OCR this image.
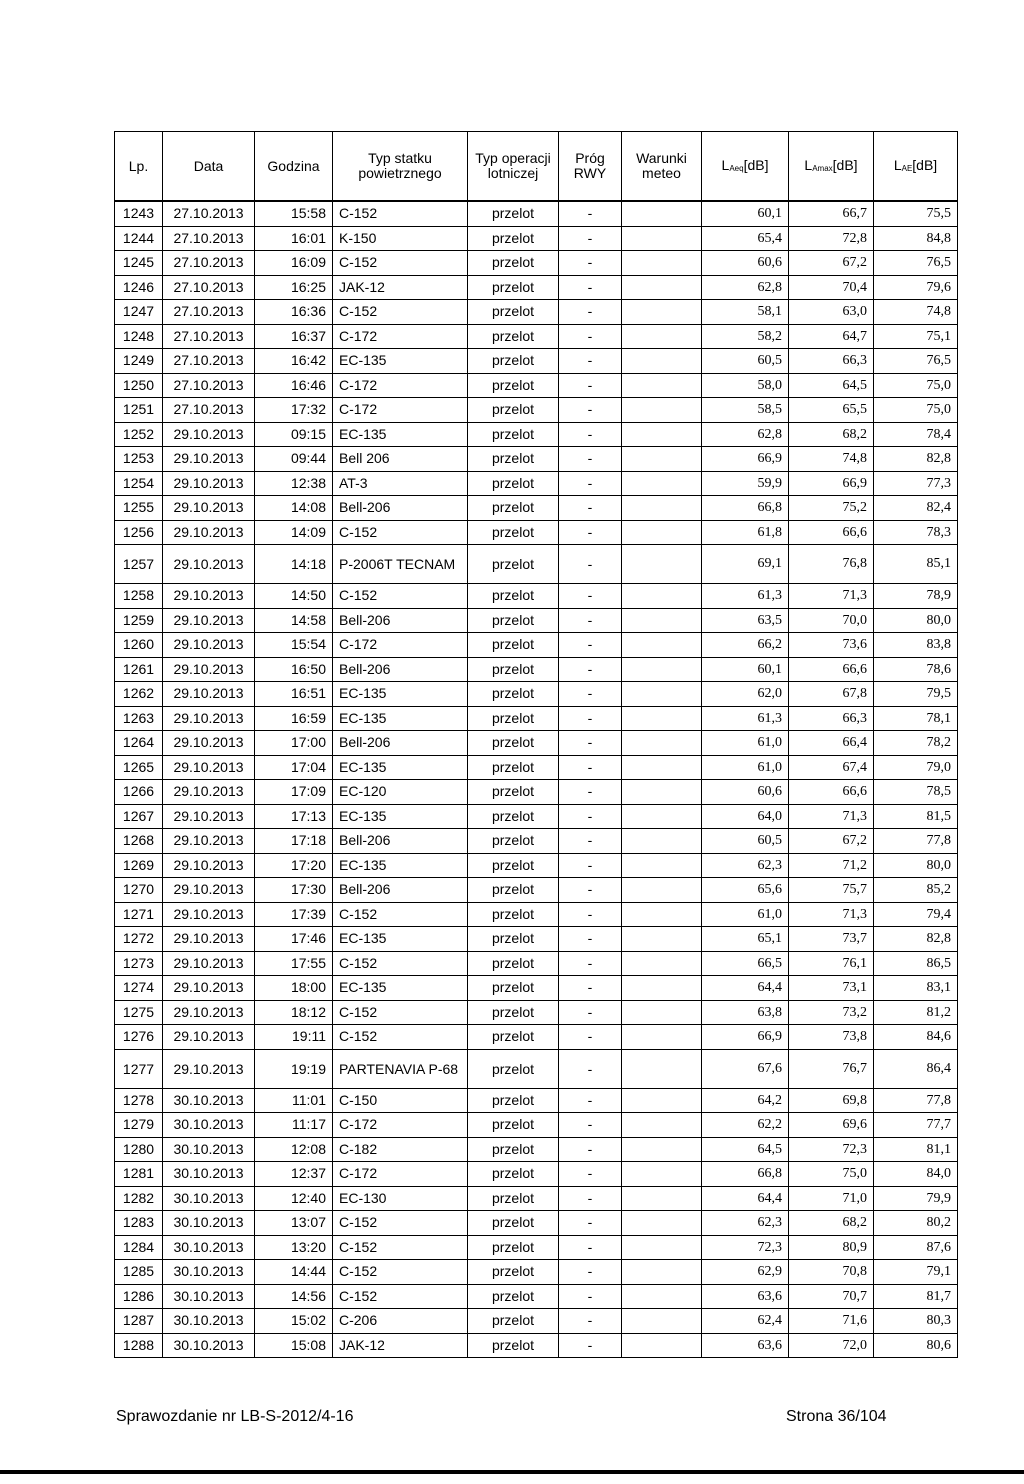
Lp.	Data	Godzina	Typ statku powietrznego	Typ operacji lotniczej	Próg RWY	Warunki meteo	$L_{Aeq}[dB]$	$L_{Amax}[dB]$	$L_{AE}[dB]$
1243	27.10.2013	15:58	C-152	przelot	-		60,1	66,7	75,5
1244	27.10.2013	16:01	K-150	przelot	-		65,4	72,8	84,8
1245	27.10.2013	16:09	C-152	przelot	-		60,6	67,2	76,5
1246	27.10.2013	16:25	JAK-12	przelot	-		62,8	70,4	79,6
1247	27.10.2013	16:36	C-152	przelot	-		58,1	63,0	74,8
1248	27.10.2013	16:37	C-172	przelot	-		58,2	64,7	75,1
1249	27.10.2013	16:42	EC-135	przelot	-		60,5	66,3	76,5
1250	27.10.2013	16:46	C-172	przelot	-		58,0	64,5	75,0
1251	27.10.2013	17:32	C-172	przelot	-		58,5	65,5	75,0
1252	29.10.2013	09:15	EC-135	przelot	-		62,8	68,2	78,4
1253	29.10.2013	09:44	Bell 206	przelot	-		66,9	74,8	82,8
1254	29.10.2013	12:38	AT-3	przelot	-		59,9	66,9	77,3
1255	29.10.2013	14:08	Bell-206	przelot	-		66,8	75,2	82,4
1256	29.10.2013	14:09	C-152	przelot	-		61,8	66,6	78,3
1257	29.10.2013	14:18	P-2006T TECNAM	przelot	-		69,1	76,8	85,1
1258	29.10.2013	14:50	C-152	przelot	-		61,3	71,3	78,9
1259	29.10.2013	14:58	Bell-206	przelot	-		63,5	70,0	80,0
1260	29.10.2013	15:54	C-172	przelot	-		66,2	73,6	83,8
1261	29.10.2013	16:50	Bell-206	przelot	-		60,1	66,6	78,6
1262	29.10.2013	16:51	EC-135	przelot	-		62,0	67,8	79,5
1263	29.10.2013	16:59	EC-135	przelot	-		61,3	66,3	78,1
1264	29.10.2013	17:00	Bell-206	przelot	-		61,0	66,4	78,2
1265	29.10.2013	17:04	EC-135	przelot	-		61,0	67,4	79,0
1266	29.10.2013	17:09	EC-120	przelot	-		60,6	66,6	78,5
1267	29.10.2013	17:13	EC-135	przelot	-		64,0	71,3	81,5
1268	29.10.2013	17:18	Bell-206	przelot	-		60,5	67,2	77,8
1269	29.10.2013	17:20	EC-135	przelot	-		62,3	71,2	80,0
1270	29.10.2013	17:30	Bell-206	przelot	-		65,6	75,7	85,2
1271	29.10.2013	17:39	C-152	przelot	-		61,0	71,3	79,4
1272	29.10.2013	17:46	EC-135	przelot	-		65,1	73,7	82,8
1273	29.10.2013	17:55	C-152	przelot	-		66,5	76,1	86,5
1274	29.10.2013	18:00	EC-135	przelot	-		64,4	73,1	83,1
1275	29.10.2013	18:12	C-152	przelot	-		63,8	73,2	81,2
1276	29.10.2013	19:11	C-152	przelot	-		66,9	73,8	84,6
1277	29.10.2013	19:19	PARTENAVIA P-68	przelot	-		67,6	76,7	86,4
1278	30.10.2013	11:01	C-150	przelot	-		64,2	69,8	77,8
1279	30.10.2013	11:17	C-172	przelot	-		62,2	69,6	77,7
1280	30.10.2013	12:08	C-182	przelot	-		64,5	72,3	81,1
1281	30.10.2013	12:37	C-172	przelot	-		66,8	75,0	84,0
1282	30.10.2013	12:40	EC-130	przelot	-		64,4	71,0	79,9
1283	30.10.2013	13:07	C-152	przelot	-		62,3	68,2	80,2
1284	30.10.2013	13:20	C-152	przelot	-		72,3	80,9	87,6
1285	30.10.2013	14:44	C-152	przelot	-		62,9	70,8	79,1
1286	30.10.2013	14:56	C-152	przelot	-		63,6	70,7	81,7
1287	30.10.2013	15:02	C-206	przelot	-		62,4	71,6	80,3
1288	30.10.2013	15:08	JAK-12	przelot	-		63,6	72,0	80,6
Sprawozdanie nr LB-S-2012/4-16	Strona 36/104
